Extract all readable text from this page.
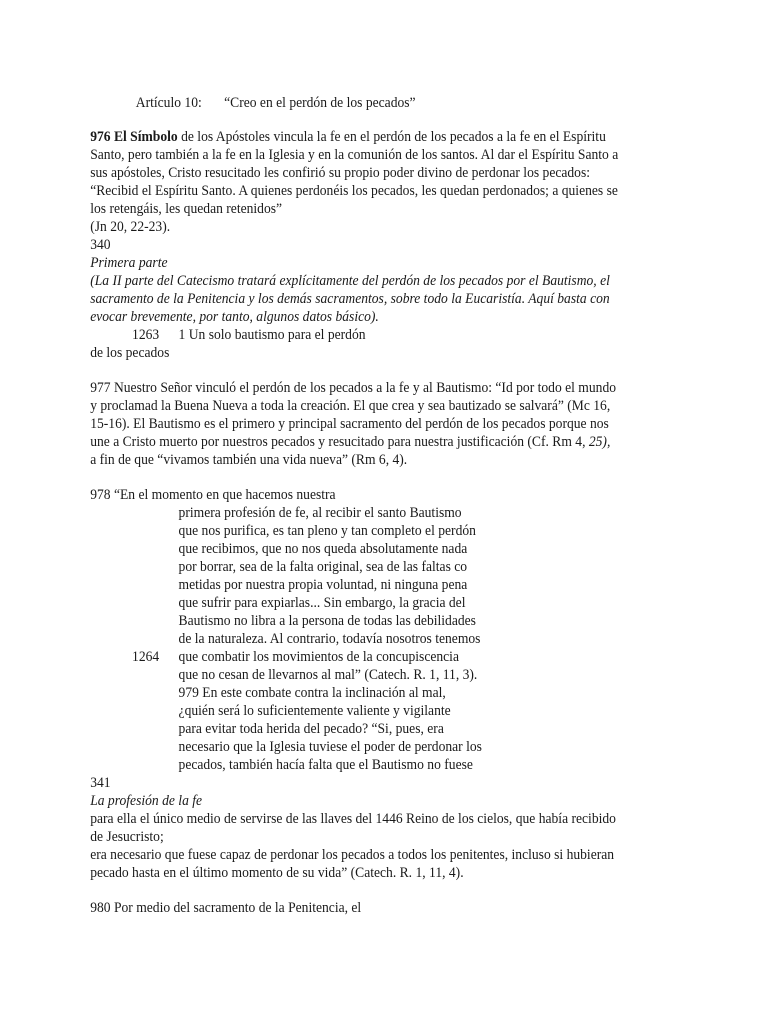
Artículo 10: “Creo en el perdón de los pecados”
976 El Símbolo de los Apóstoles vincula la fe en el perdón de los pecados a la fe en el Espíritu
Santo, pero también a la fe en la Iglesia y en la comunión de los santos. Al dar el Espíritu Santo a
sus apóstoles, Cristo resucitado les confirió su propio poder divino de perdonar los pecados:
“Recibid el Espíritu Santo. A quienes perdonéis los pecados, les quedan perdonados; a quienes se
los retengáis, les quedan retenidos”
(Jn 20, 22-23).
340
Primera parte
(La II parte del Catecismo tratará explícitamente del perdón de los pecados por el Bautismo, el
sacramento de la Penitencia y los demás sacramentos, sobre todo la Eucaristía. Aquí basta con
evocar brevemente, por tanto, algunos datos básico).
1263 1 Un solo bautismo para el perdón
de los pecados
977 Nuestro Señor vinculó el perdón de los pecados a la fe y al Bautismo: “Id por todo el mundo
y proclamad la Buena Nueva a toda la creación. El que crea y sea bautizado se salvará” (Mc 16,
15-16). El Bautismo es el primero y principal sacramento del perdón de los pecados porque nos
une a Cristo muerto por nuestros pecados y resucitado para nuestra justificación (Cf. Rm 4, 25),
a fin de que “vivamos también una vida nueva” (Rm 6, 4).
978 “En el momento en que hacemos nuestra
primera profesión de fe, al recibir el santo Bautismo
que nos purifica, es tan pleno y tan completo el perdón
que recibimos, que no nos queda absolutamente nada
por borrar, sea de la falta original, sea de las faltas co
metidas por nuestra propia voluntad, ni ninguna pena
que sufrir para expiarlas... Sin embargo, la gracia del
Bautismo no libra a la persona de todas las debilidades
de la naturaleza. Al contrario, todavía nosotros tenemos
1264 que combatir los movimientos de la concupiscencia
que no cesan de llevarnos al mal” (Catech. R. 1, 11, 3).
979 En este combate contra la inclinación al mal,
¿quién será lo suficientemente valiente y vigilante
para evitar toda herida del pecado? “Si, pues, era
necesario que la Iglesia tuviese el poder de perdonar los
pecados, también hacía falta que el Bautismo no fuese
341
La profesión de la fe
para ella el único medio de servirse de las llaves del 1446 Reino de los cielos, que había recibido
de Jesucristo;
era necesario que fuese capaz de perdonar los pecados a todos los penitentes, incluso si hubieran
pecado hasta en el último momento de su vida” (Catech. R. 1, 11, 4).
980 Por medio del sacramento de la Penitencia, el
